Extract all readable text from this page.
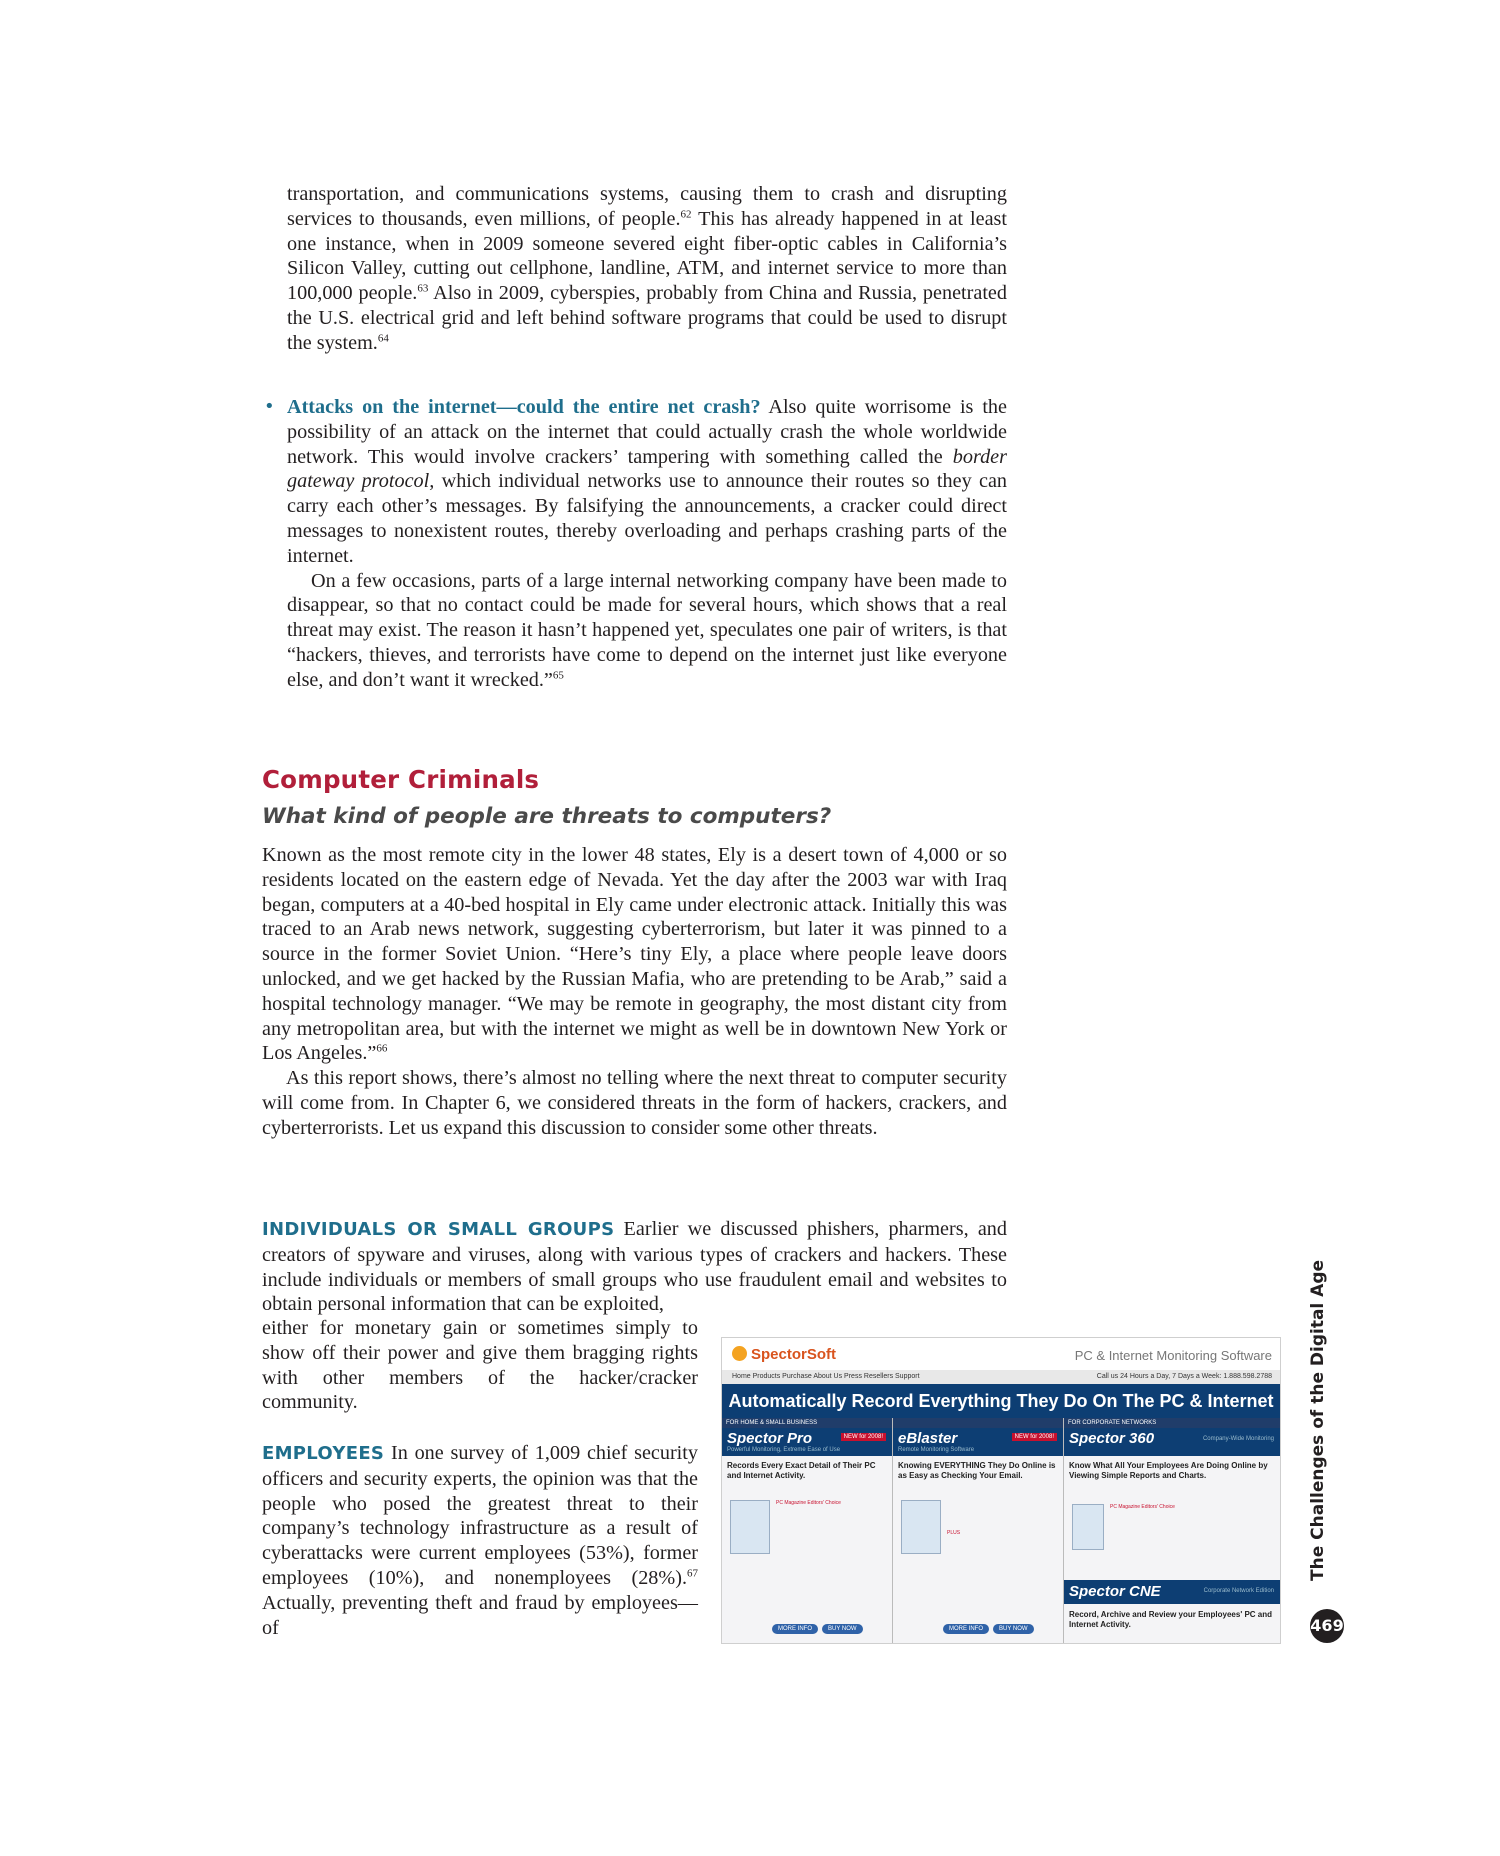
transportation, and communications systems, causing them to crash and disrupting services to thousands, even millions, of people.$^{62}$ This has already happened in at least one instance, when in 2009 someone severed eight fiber-optic cables in California’s Silicon Valley, cutting out cellphone, landline, ATM, and internet service to more than 100,000 people.$^{63}$ Also in 2009, cyberspies, probably from China and Russia, penetrated the U.S. electrical grid and left behind software programs that could be used to disrupt the system.$^{64}$

• Attacks on the internet—could the entire net crash? Also quite worrisome is the possibility of an attack on the internet that could actually crash the whole worldwide network. This would involve crackers’ tampering with something called the border gateway protocol, which individual networks use to announce their routes so they can carry each other’s messages. By falsifying the announcements, a cracker could direct messages to nonexistent routes, thereby overloading and perhaps crashing parts of the internet.

On a few occasions, parts of a large internal networking company have been made to disappear, so that no contact could be made for several hours, which shows that a real threat may exist. The reason it hasn’t happened yet, speculates one pair of writers, is that “hackers, thieves, and terrorists have come to depend on the internet just like everyone else, and don’t want it wrecked.”$^{65}$

Computer Criminals
What kind of people are threats to computers?

Known as the most remote city in the lower 48 states, Ely is a desert town of 4,000 or so residents located on the eastern edge of Nevada. Yet the day after the 2003 war with Iraq began, computers at a 40-bed hospital in Ely came under electronic attack. Initially this was traced to an Arab news network, suggesting cyberterrorism, but later it was pinned to a source in the former Soviet Union. “Here’s tiny Ely, a place where people leave doors unlocked, and we get hacked by the Russian Mafia, who are pretending to be Arab,” said a hospital technology manager. “We may be remote in geography, the most distant city from any metropolitan area, but with the internet we might as well be in downtown New York or Los Angeles.”$^{66}$

As this report shows, there’s almost no telling where the next threat to computer security will come from. In Chapter 6, we considered threats in the form of hackers, crackers, and cyberterrorists. Let us expand this discussion to consider some other threats.

INDIVIDUALS OR SMALL GROUPS Earlier we discussed phishers, pharmers, and creators of spyware and viruses, along with various types of crackers and hackers. These include individuals or members of small groups who use fraudulent email and websites to obtain personal information that can be exploited,

either for monetary gain or sometimes simply to show off their power and give them bragging rights with other members of the hacker/cracker community.

EMPLOYEES In one survey of 1,009 chief security officers and security experts, the opinion was that the people who posed the greatest threat to their company’s technology infrastructure as a result of cyberattacks were current employees (53%), former employees (10%), and nonemployees (28%).$^{67}$ Actually, preventing theft and fraud by employees—of

SpectorSoft	PC & Internet Monitoring Software
Home Products Purchase About Us Press Resellers Support	Call us 24 Hours a Day, 7 Days a Week: 1.888.598.2788
Automatically Record Everything They Do On The PC & Internet
FOR HOME & SMALL BUSINESS
Spector Pro
Powerful Monitoring, Extreme Ease of Use
NEW for 2008!
Records Every Exact Detail of Their PC and Internet Activity.
PC Magazine Editors' Choice
MORE INFO	BUY NOW
eBlaster
Remote Monitoring Software
NEW for 2008!
Knowing EVERYTHING They Do Online is as Easy as Checking Your Email.
PLUS
MORE INFO	BUY NOW
FOR CORPORATE NETWORKS
Spector 360	Company-Wide Monitoring
Know What All Your Employees Are Doing Online by Viewing Simple Reports and Charts.
PC Magazine Editors' Choice
Spector CNE	Corporate Network Edition
Record, Archive and Review your Employees' PC and Internet Activity.
The Challenges of the Digital Age
469
